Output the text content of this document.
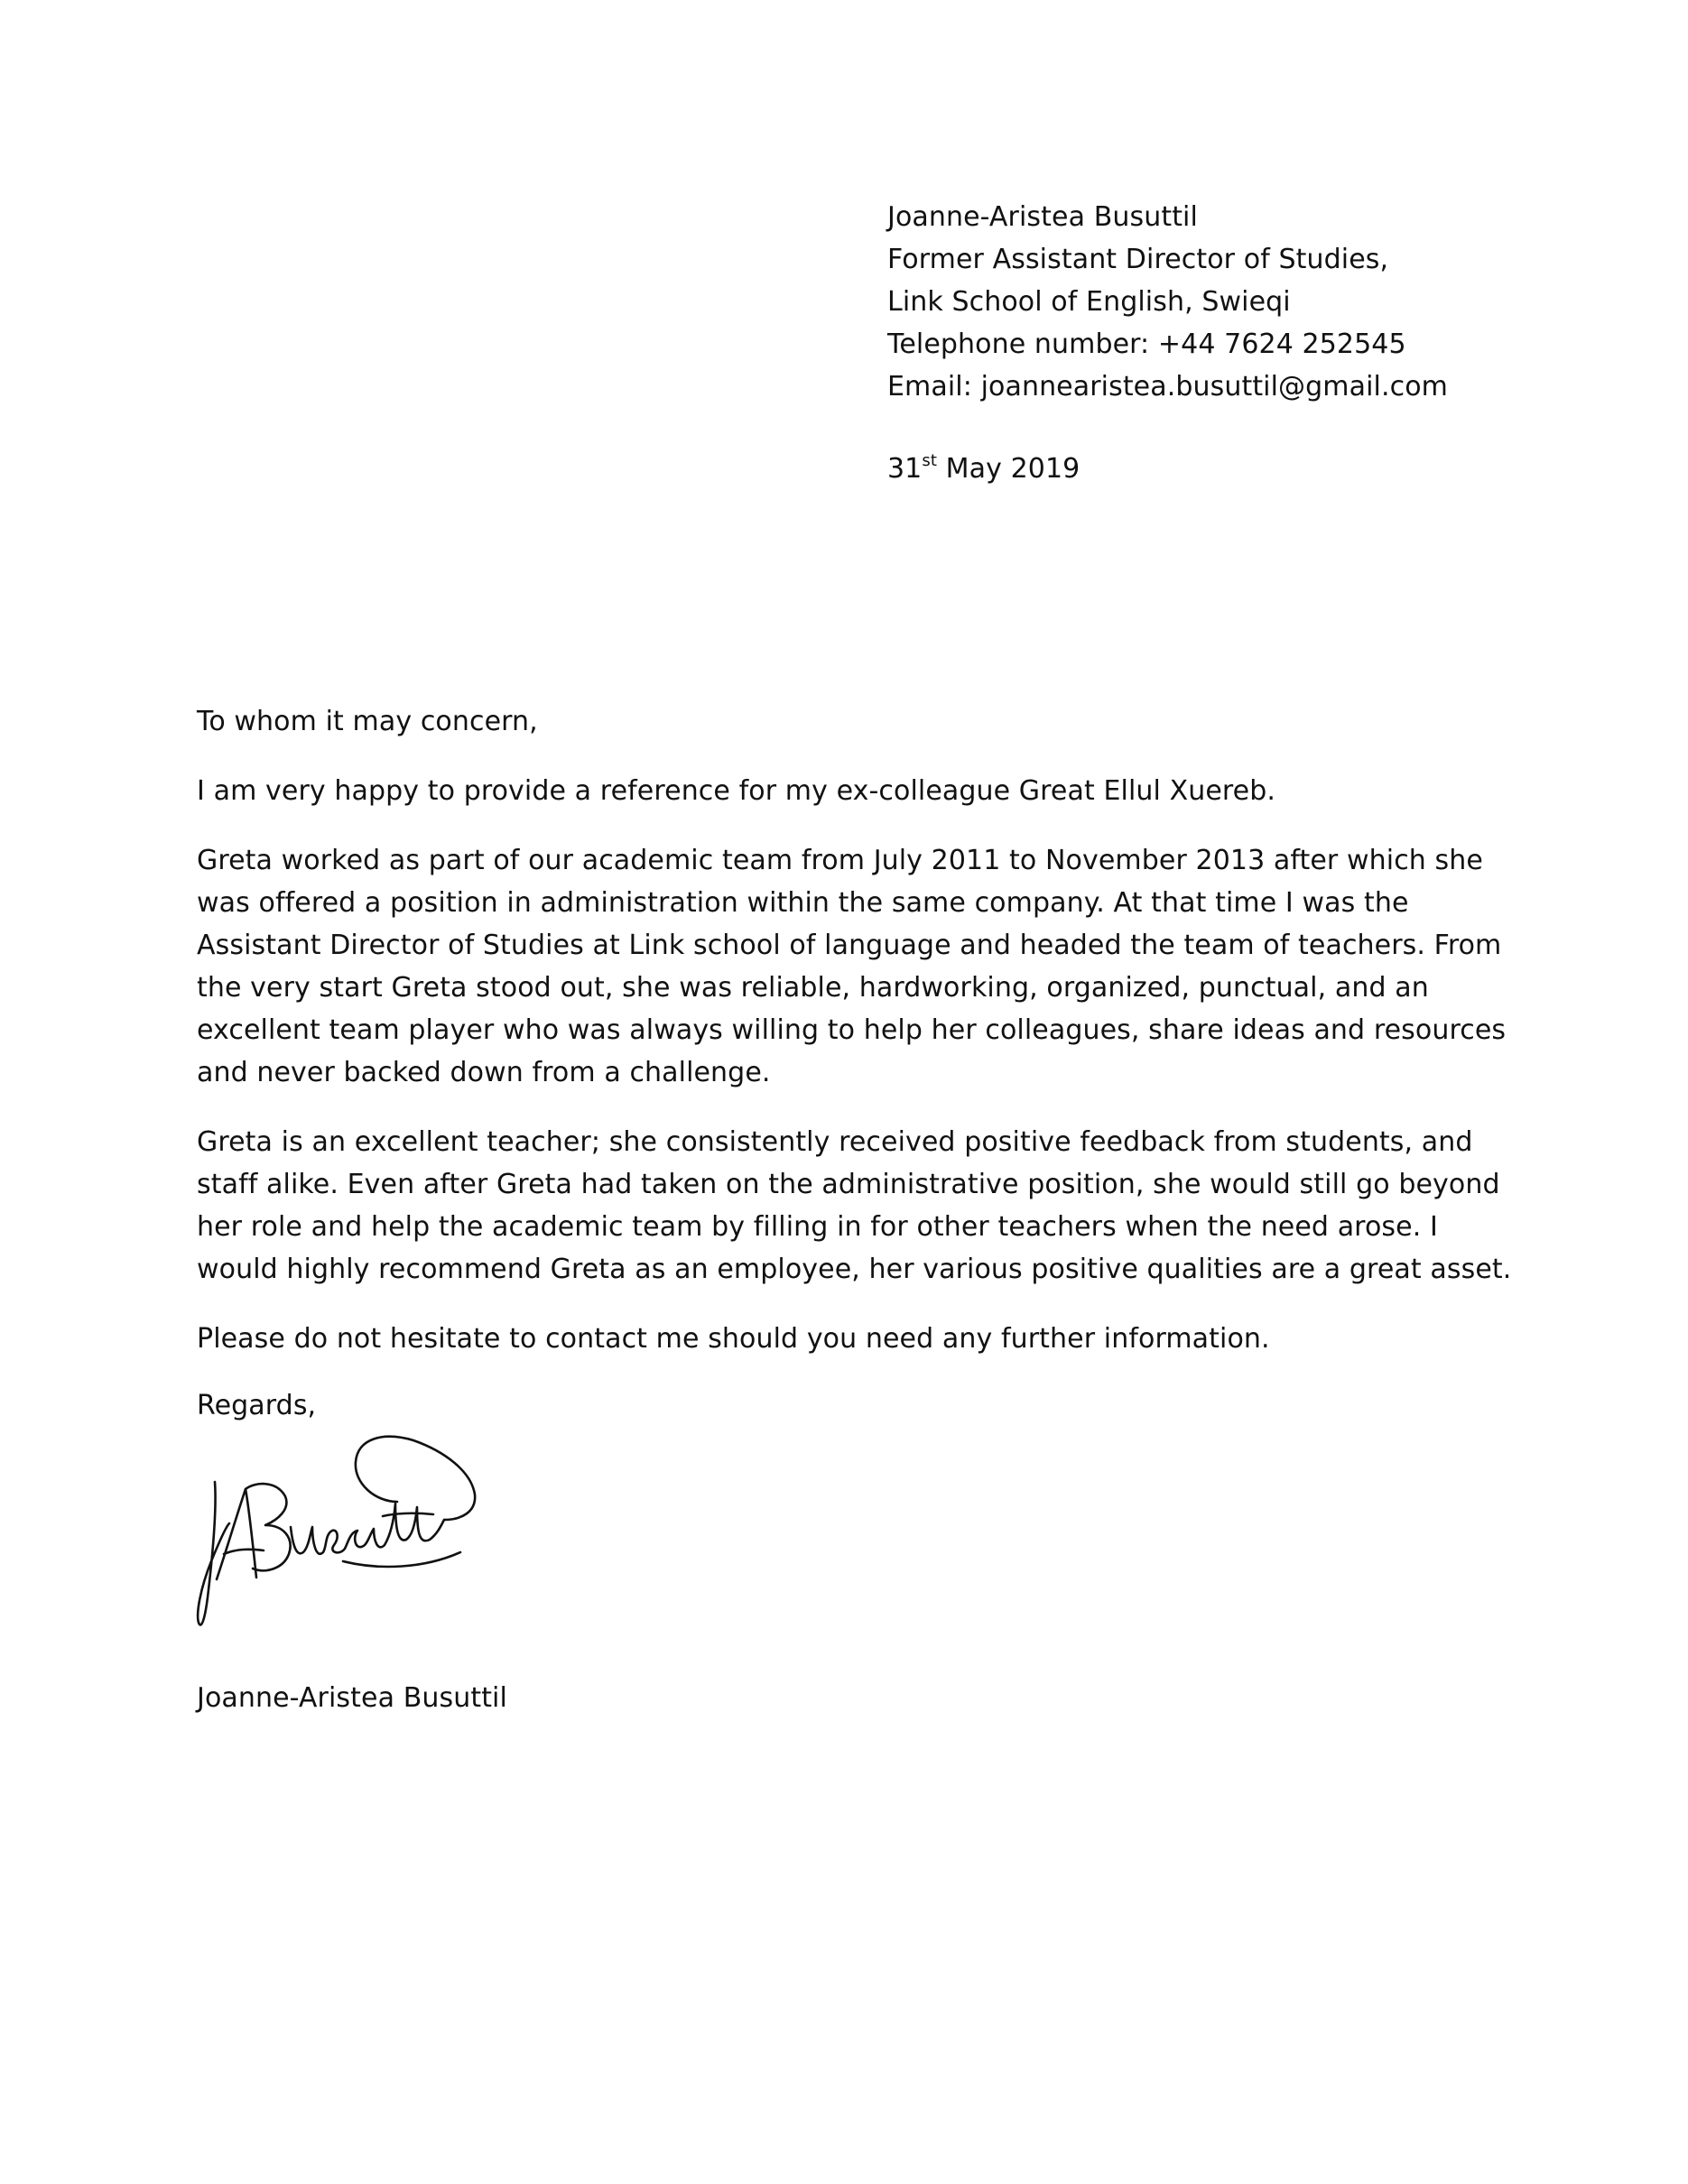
Joanne-Aristea Busuttil
Former Assistant Director of Studies,
Link School of English, Swieqi
Telephone number: +44 7624 252545
Email: joannearistea.busuttil@gmail.com
31st May 2019

To whom it may concern,

I am very happy to provide a reference for my ex-colleague Great Ellul Xuereb.

Greta worked as part of our academic team from July 2011 to November 2013 after which she was offered a position in administration within the same company. At that time I was the Assistant Director of Studies at Link school of language and headed the team of teachers. From the very start Greta stood out, she was reliable, hardworking, organized, punctual, and an excellent team player who was always willing to help her colleagues, share ideas and resources and never backed down from a challenge.

Greta is an excellent teacher; she consistently received positive feedback from students, and staff alike. Even after Greta had taken on the administrative position, she would still go beyond her role and help the academic team by filling in for other teachers when the need arose. I would highly recommend Greta as an employee, her various positive qualities are a great asset.

Please do not hesitate to contact me should you need any further information.

Regards,
Joanne-Aristea Busuttil
